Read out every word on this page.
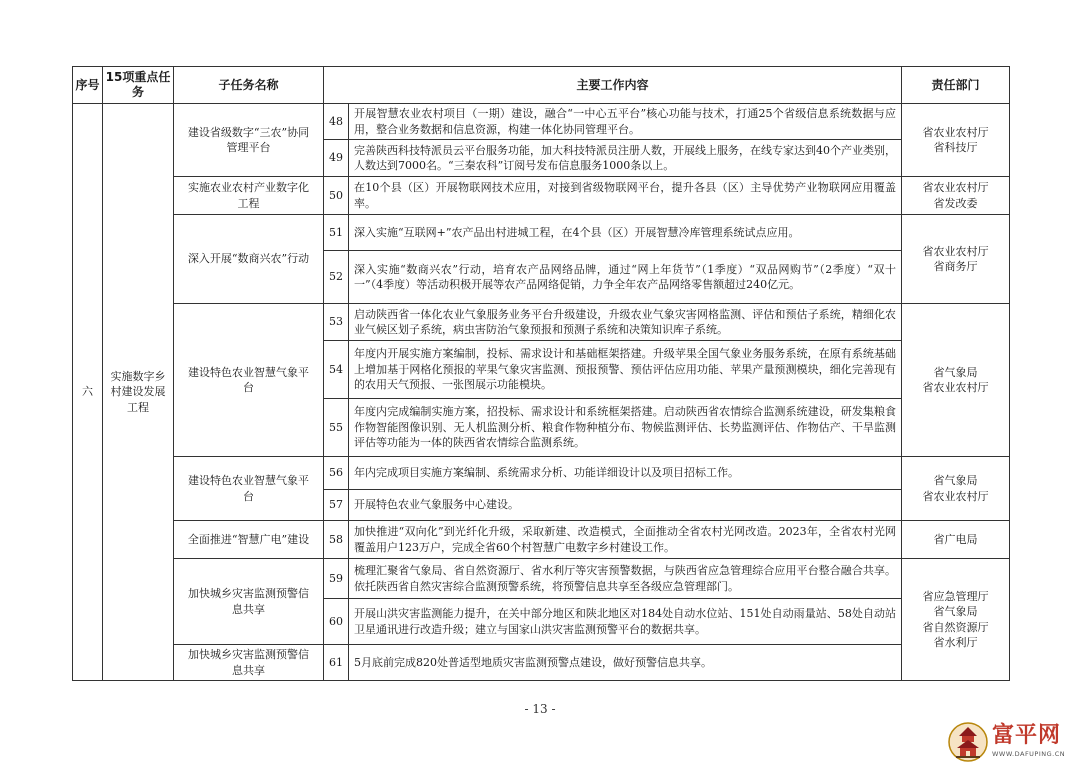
序号	15项重点任务	子任务名称	主要工作内容		责任部门
六	实施数字乡村建设发展工程	建设省级数字“三农”协同管理平台	48	开展智慧农业农村项目（一期）建设，融合“一中心五平台”核心功能与技术，打通25个省级信息系统数据与应用，整合业务数据和信息资源，构建一体化协同管理平台。	省农业农村厅
省科技厅
			49	完善陕西科技特派员云平台服务功能，加大科技特派员注册人数，开展线上服务，在线专家达到40个产业类别，人数达到7000名。“三秦农科”订阅号发布信息服务1000条以上。	
		实施农业农村产业数字化工程	50	在10个县（区）开展物联网技术应用，对接到省级物联网平台，提升各县（区）主导优势产业物联网应用覆盖率。	省农业农村厅
省发改委
		深入开展“数商兴农”行动	51	深入实施“互联网+”农产品出村进城工程，在4个县（区）开展智慧冷库管理系统试点应用。	省农业农村厅
省商务厅
			52	深入实施“数商兴农”行动，培育农产品网络品牌，通过“网上年货节”（1季度）“双品网购节”（2季度）“双十一”（4季度）等活动积极开展等农产品网络促销，力争全年农产品网络零售额超过240亿元。	
		建设特色农业智慧气象平台	53	启动陕西省一体化农业气象服务业务平台升级建设，升级农业气象灾害网格监测、评估和预估子系统，精细化农业气候区划子系统，病虫害防治气象预报和预测子系统和决策知识库子系统。	省气象局
省农业农村厅
			54	年度内开展实施方案编制，投标、需求设计和基础框架搭建。升级苹果全国气象业务服务系统，在原有系统基础上增加基于网格化预报的苹果气象灾害监测、预报预警、预估评估应用功能、苹果产量预测模块，细化完善现有的农用天气预报、一张图展示功能模块。	
			55	年度内完成编制实施方案，招投标、需求设计和系统框架搭建。启动陕西省农情综合监测系统建设，研发集粮食作物智能图像识别、无人机监测分析、粮食作物种植分布、物候监测评估、长势监测评估、作物估产、干旱监测评估等功能为一体的陕西省农情综合监测系统。	
		建设特色农业智慧气象平台	56	年内完成项目实施方案编制、系统需求分析、功能详细设计以及项目招标工作。	省气象局
省农业农村厅
			57	开展特色农业气象服务中心建设。	
		全面推进“智慧广电”建设	58	加快推进“双向化”到光纤化升级，采取新建、改造模式，全面推动全省农村光网改造。2023年，全省农村光网覆盖用户123万户，完成全省60个村智慧广电数字乡村建设工作。	省广电局
		加快城乡灾害监测预警信息共享	59	梳理汇聚省气象局、省自然资源厅、省水利厅等灾害预警数据，与陕西省应急管理综合应用平台整合融合共享。依托陕西省自然灾害综合监测预警系统，将预警信息共享至各级应急管理部门。	省应急管理厅
省气象局
省自然资源厅
省水利厅
			60	开展山洪灾害监测能力提升，在关中部分地区和陕北地区对184处自动水位站、151处自动雨量站、58处自动站卫星通讯进行改造升级；建立与国家山洪灾害监测预警平台的数据共享。	
		加快城乡灾害监测预警信息共享	61	5月底前完成820处普适型地质灾害监测预警点建设，做好预警信息共享。	
- 13 -
富平网
WWW.DAFUPING.CN
